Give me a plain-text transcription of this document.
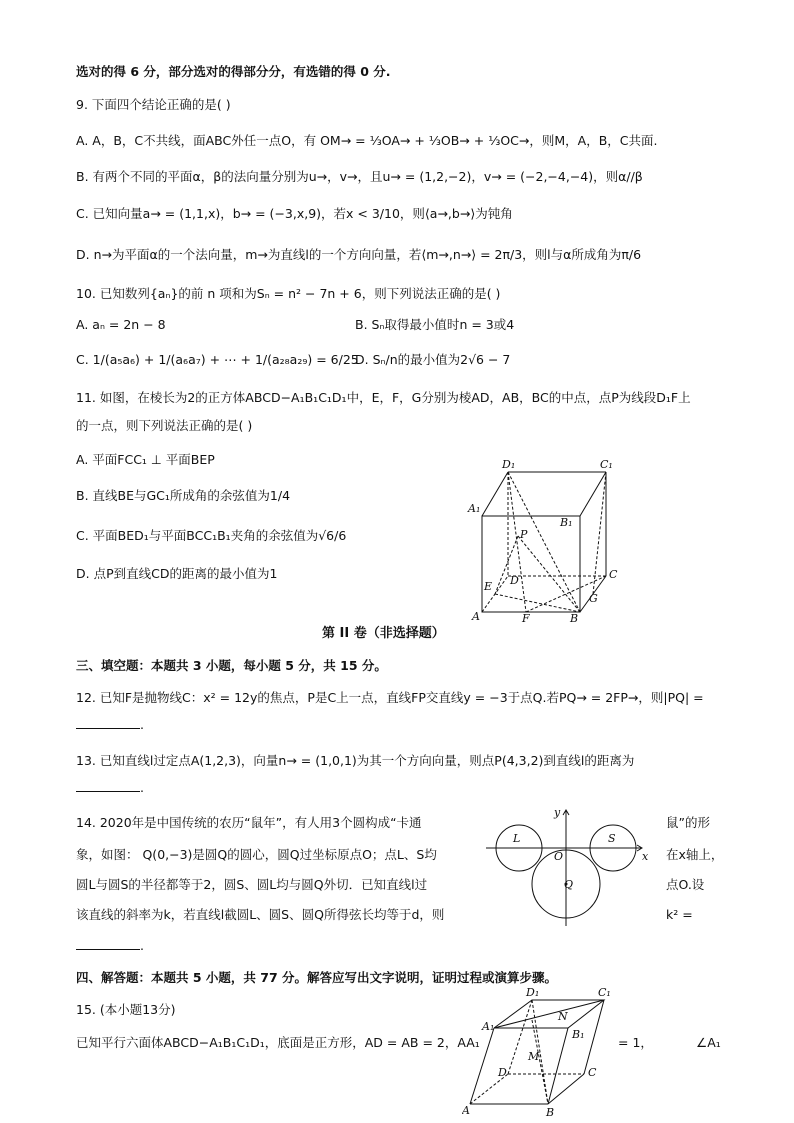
选对的得 6 分，部分选对的得部分分，有选错的得 0 分.
9. 下面四个结论正确的是( )
A. A，B，C不共线，面ABC外任一点O，有 OM→ = ⅓OA→ + ⅓OB→ + ⅓OC→，则M，A，B，C共面.
B. 有两个不同的平面α，β的法向量分别为u→，v→，且u→ = (1,2,−2)，v→ = (−2,−4,−4)，则α//β
C. 已知向量a→ = (1,1,x)，b→ = (−3,x,9)，若x < 3/10，则⟨a→,b→⟩为钝角
D. n→为平面α的一个法向量，m→为直线l的一个方向向量，若⟨m→,n→⟩ = 2π/3，则l与α所成角为π/6
10. 已知数列{aₙ}的前 n 项和为Sₙ = n² − 7n + 6，则下列说法正确的是( )
A. aₙ = 2n − 8	B. Sₙ取得最小值时n = 3或4
C. 1/(a₅a₆) + 1/(a₆a₇) + ⋯ + 1/(a₂₈a₂₉) = 6/25
D. Sₙ/n的最小值为2√6 − 7
11. 如图，在棱长为2的正方体ABCD−A₁B₁C₁D₁中，E，F，G分别为棱AD，AB，BC的中点，点P为线段D₁F上
的一点，则下列说法正确的是( )
A. 平面FCC₁ ⊥ 平面BEP
B. 直线BE与GC₁所成角的余弦值为1/4
C. 平面BED₁与平面BCC₁B₁夹角的余弦值为√6/6
D. 点P到直线CD的距离的最小值为1
D₁	C₁
A₁
B₁
P
D
E
C
G
A	F	B
第 II 卷（非选择题）
三、填空题：本题共 3 小题，每小题 5 分，共 15 分。
12. 已知F是抛物线C：x² = 12y的焦点，P是C上一点，直线FP交直线y = −3于点Q.若PQ→ = 2FP→，则|PQ| =
.
13. 已知直线l过定点A(1,2,3)，向量n→ = (1,0,1)为其一个方向向量，则点P(4,3,2)到直线l的距离为
.
14. 2020年是中国传统的农历“鼠年”，有人用3个圆构成“卡通	鼠”的形
象，如图： Q(0,−3)是圆Q的圆心，圆Q过坐标原点O；点L、S均	在x轴上，
圆L与圆S的半径都等于2，圆S、圆L均与圆Q外切．已知直线l过	点O.设
该直线的斜率为k，若直线l截圆L、圆S、圆Q所得弦长均等于d，则	k² =
.
y
L	S
O	x
Q
四、解答题：本题共 5 小题，共 77 分。解答应写出文字说明，证明过程或演算步骤。
15. (本小题13分)
已知平行六面体ABCD−A₁B₁C₁D₁，底面是正方形，AD = AB = 2，AA₁	= 1，	∠A₁
D₁	C₁
A₁
N
B₁
M
D	C
A	B
